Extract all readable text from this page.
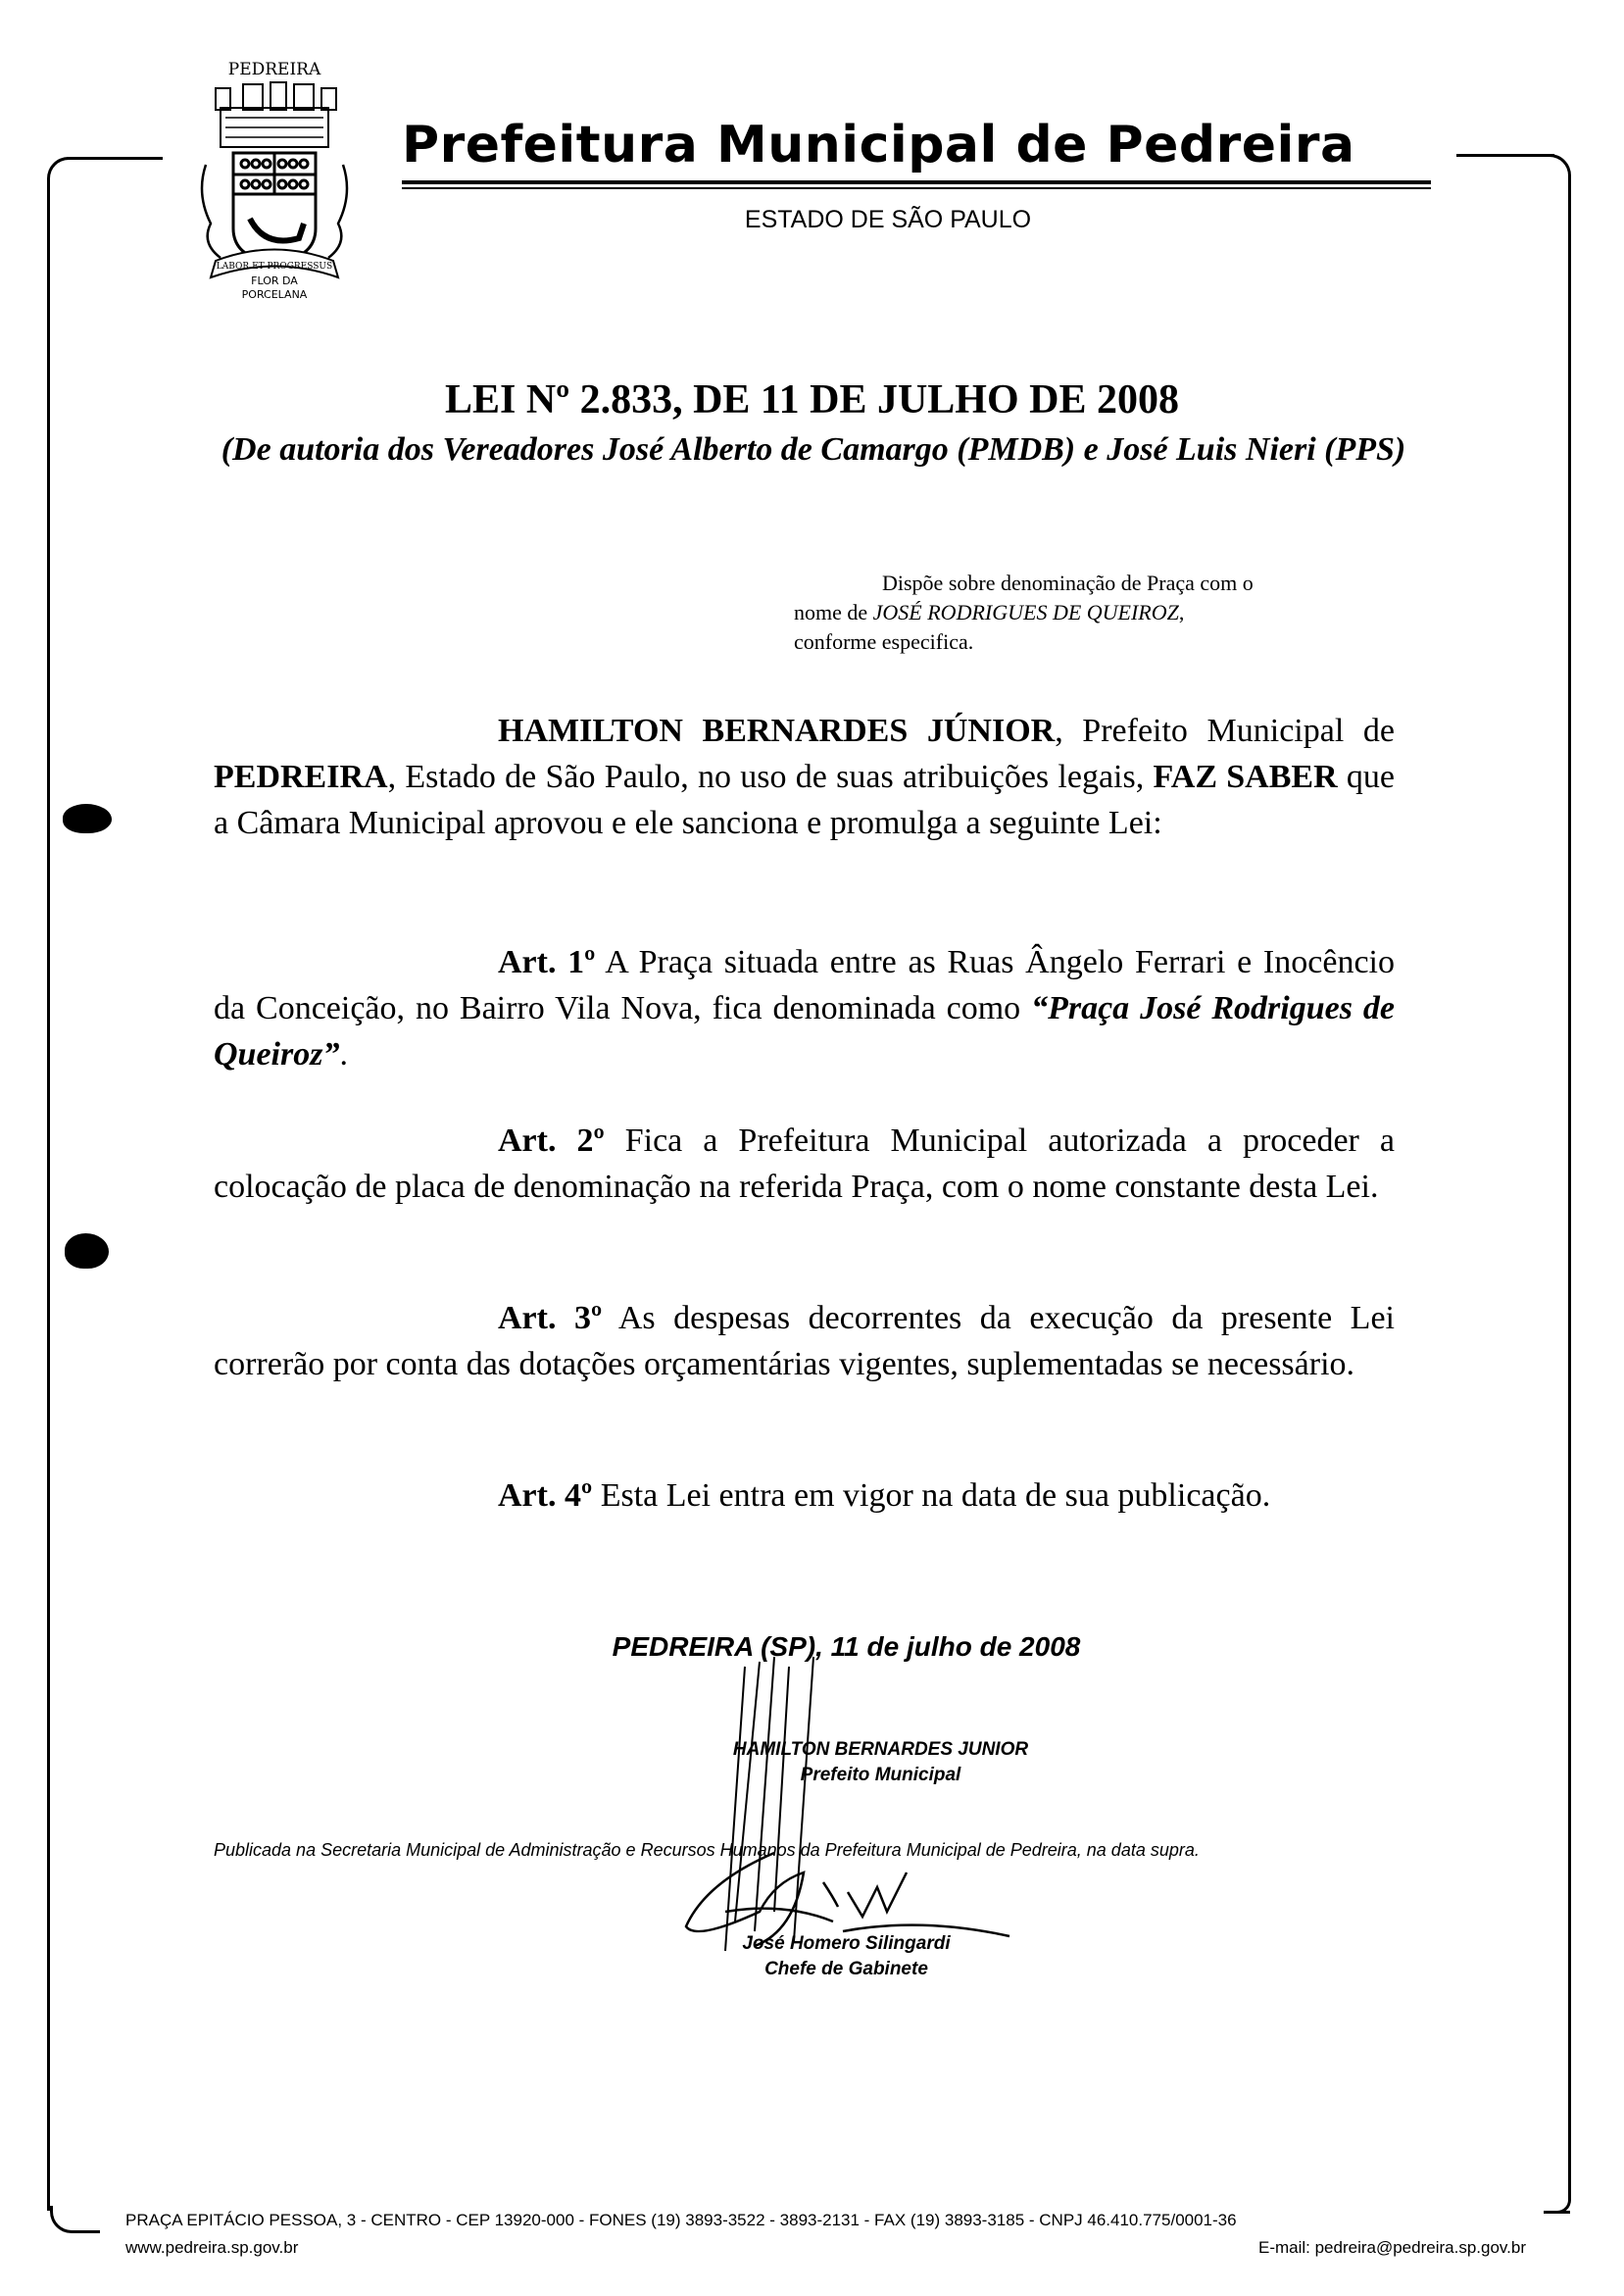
PEDREIRA
LABOR ET PROGRESSUS
FLOR DA
PORCELANA
Prefeitura Municipal de Pedreira
ESTADO DE SÃO PAULO
LEI Nº 2.833, DE 11 DE JULHO DE 2008
(De autoria dos Vereadores José Alberto de Camargo (PMDB) e José Luis Nieri (PPS)
Dispõe sobre denominação de Praça com o
nome de JOSÉ RODRIGUES DE QUEIROZ,
conforme especifica.
HAMILTON BERNARDES JÚNIOR, Prefeito Municipal de PEDREIRA, Estado de São Paulo, no uso de suas atribuições legais, FAZ SABER que a Câmara Municipal aprovou e ele sanciona e promulga a seguinte Lei:
Art. 1º A Praça situada entre as Ruas Ângelo Ferrari e Inocêncio da Conceição, no Bairro Vila Nova, fica denominada como “Praça José Rodrigues de Queiroz”.
Art. 2º Fica a Prefeitura Municipal autorizada a proceder a colocação de placa de denominação na referida Praça, com o nome constante desta Lei.
Art. 3º As despesas decorrentes da execução da presente Lei correrão por conta das dotações orçamentárias vigentes, suplementadas se necessário.
Art. 4º Esta Lei entra em vigor na data de sua publicação.
PEDREIRA (SP), 11 de julho de 2008
HAMILTON BERNARDES JUNIOR
Prefeito Municipal
Publicada na Secretaria Municipal de Administração e Recursos Humanos da Prefeitura Municipal de Pedreira, na data supra.
José Homero Silingardi
Chefe de Gabinete
PRAÇA EPITÁCIO PESSOA, 3 - CENTRO - CEP 13920-000 - FONES (19) 3893-3522 - 3893-2131 - FAX (19) 3893-3185 - CNPJ 46.410.775/0001-36
www.pedreira.sp.gov.br	E-mail: pedreira@pedreira.sp.gov.br
